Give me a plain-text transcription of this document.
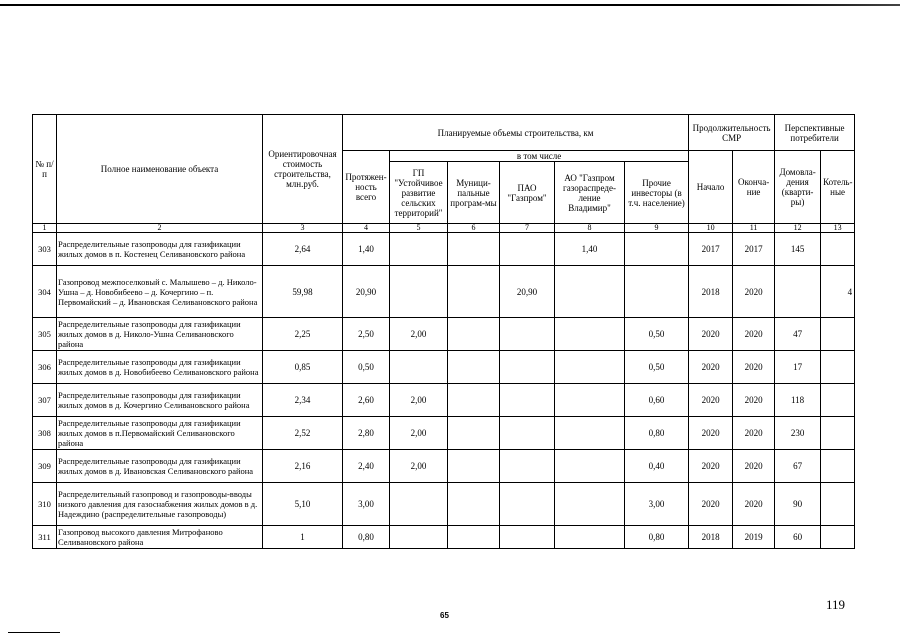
№ п/п	Полное наименование объекта	Ориентировочная стоимость строительства, млн.руб.	Планируемые объемы строительства, км						Продолжительность СМР		Перспективные потребители	
			Протяжен-ность всего	в том числе					Начало	Оконча-ние	Домовла-дения (кварти-ры)	Котель-ные
				ГП "Устойчивое развитие сельских территорий"	Муници-пальные програм-мы	ПАО "Газпром"	АО "Газпром газораспреде-ление Владимир"	Прочие инвесторы (в т.ч. население)				
1	2	3	4	5	6	7	8	9	10	11	12	13
303	Распределительные газопроводы для газификации жилых домов в п. Костенец Селивановского района	2,64	1,40				1,40		2017	2017	145	
304	Газопровод межпоселковый с. Малышево – д. Николо-Ушна – д. Новобибеево – д. Кочергино – п. Первомайский – д. Ивановская Селивановского района	59,98	20,90			20,90			2018	2020		4
305	Распределительные газопроводы для газификации жилых домов в д. Николо-Ушна Селивановского района	2,25	2,50	2,00				0,50	2020	2020	47	
306	Распределительные газопроводы для газификации жилых домов в д. Новобибеево Селивановского района	0,85	0,50					0,50	2020	2020	17	
307	Распределительные газопроводы для газификации жилых домов в д. Кочергино Селивановского района	2,34	2,60	2,00				0,60	2020	2020	118	
308	Распределительные газопроводы для газификации жилых домов в п.Первомайский Селивановского района	2,52	2,80	2,00				0,80	2020	2020	230	
309	Распределительные газопроводы для газификации жилых домов в д. Ивановская Селивановского района	2,16	2,40	2,00				0,40	2020	2020	67	
310	Распределительный газопровод и газопроводы-вводы низкого давления для газоснабжения жилых домов в д. Надеждино (распределительные газопроводы)	5,10	3,00					3,00	2020	2020	90	
311	Газопровод высокого давления Митрофаново Селивановского района	1	0,80					0,80	2018	2019	60	
65
119
